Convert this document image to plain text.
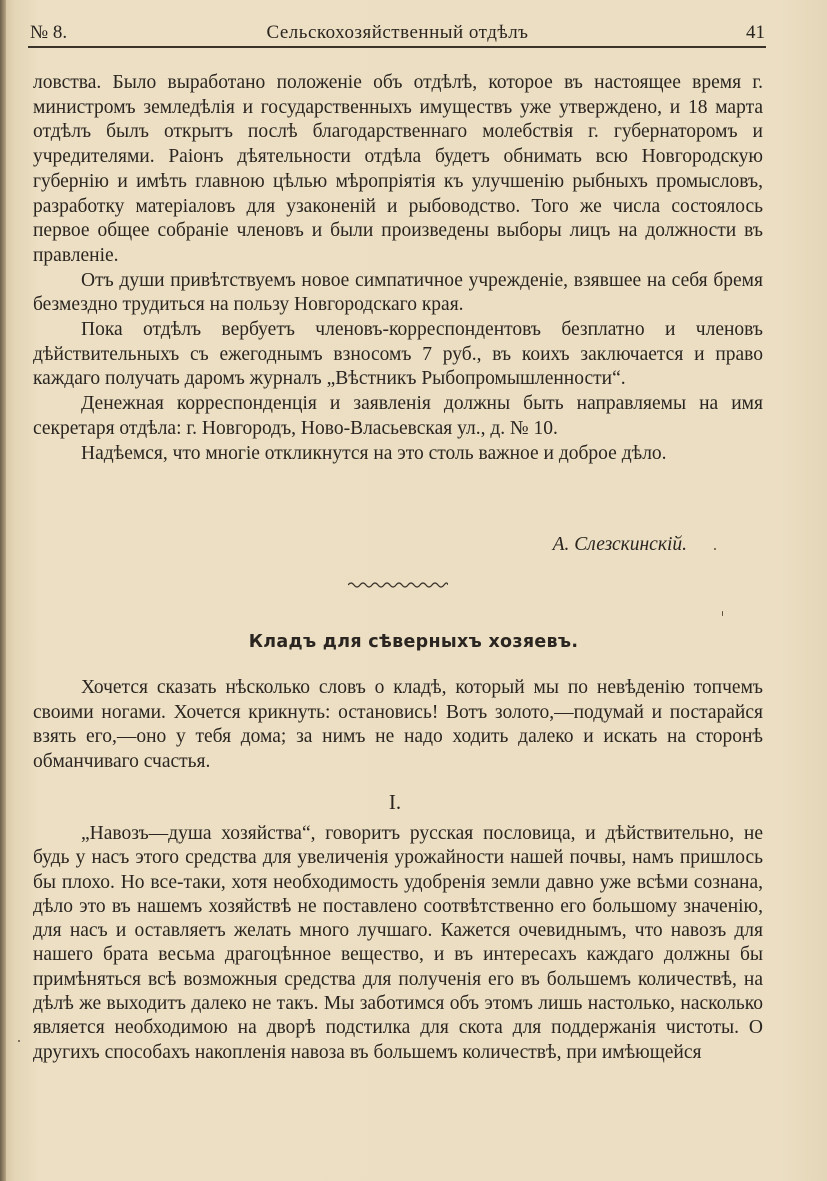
№ 8.	Сельскохозяйственный отдѣлъ	41

ловства. Было выработано положеніе объ отдѣлѣ, которое въ настоящее время г. министромъ земледѣлія и государственныхъ имуществъ уже утверждено, и 18 марта отдѣлъ былъ открытъ послѣ благодарственнаго молебствія г. губернаторомъ и учредителями. Раіонъ дѣятельности отдѣла будетъ обнимать всю Новгородскую губернію и имѣть главною цѣлью мѣропріятія къ улучшенію рыбныхъ промысловъ, разработку матеріаловъ для узаконеній и рыбоводство. Того же числа состоялось первое общее собраніе членовъ и были произведены выборы лицъ на должности въ правленіе.

Отъ души привѣтствуемъ новое симпатичное учрежденіе, взявшее на себя бремя безмездно трудиться на пользу Новгородскаго края.

Пока отдѣлъ вербуетъ членовъ-корреспондентовъ безплатно и членовъ дѣйствительныхъ съ ежегоднымъ взносомъ 7 руб., въ коихъ заключается и право каждаго получать даромъ журналъ „Вѣстникъ Рыбопромышленности“.

Денежная корреспонденція и заявленія должны быть направляемы на имя секретаря отдѣла: г. Новгородъ, Ново-Власьевская ул., д. № 10.

Надѣемся, что многіе откликнутся на это столь важное и доброе дѣло.

А. Слезскинскій.
Кладъ для сѣверныхъ хозяевъ.

Хочется сказать нѣсколько словъ о кладѣ, который мы по невѣденію топчемъ своими ногами. Хочется крикнуть: остановись! Вотъ золото,—подумай и постарайся взять его,—оно у тебя дома; за нимъ не надо ходить далеко и искать на сторонѣ обманчиваго счастья.

I.

„Навозъ—душа хозяйства“, говоритъ русская пословица, и дѣйствительно, не будь у насъ этого средства для увеличенія урожайности нашей почвы, намъ пришлось бы плохо. Но все-таки, хотя необходимость удобренія земли давно уже всѣми сознана, дѣло это въ нашемъ хозяйствѣ не поставлено соотвѣтственно его большому значенію, для насъ и оставляетъ желать много лучшаго. Кажется очевиднымъ, что навозъ для нашего брата весьма драгоцѣнное вещество, и въ интересахъ каждаго должны бы примѣняться всѣ возможныя средства для полученія его въ большемъ количествѣ, на дѣлѣ же выходитъ далеко не такъ. Мы заботимся объ этомъ лишь настолько, насколько является необходимою на дворѣ подстилка для скота для поддержанія чистоты. О другихъ способахъ накопленія навоза въ большемъ количествѣ, при имѣющейся
